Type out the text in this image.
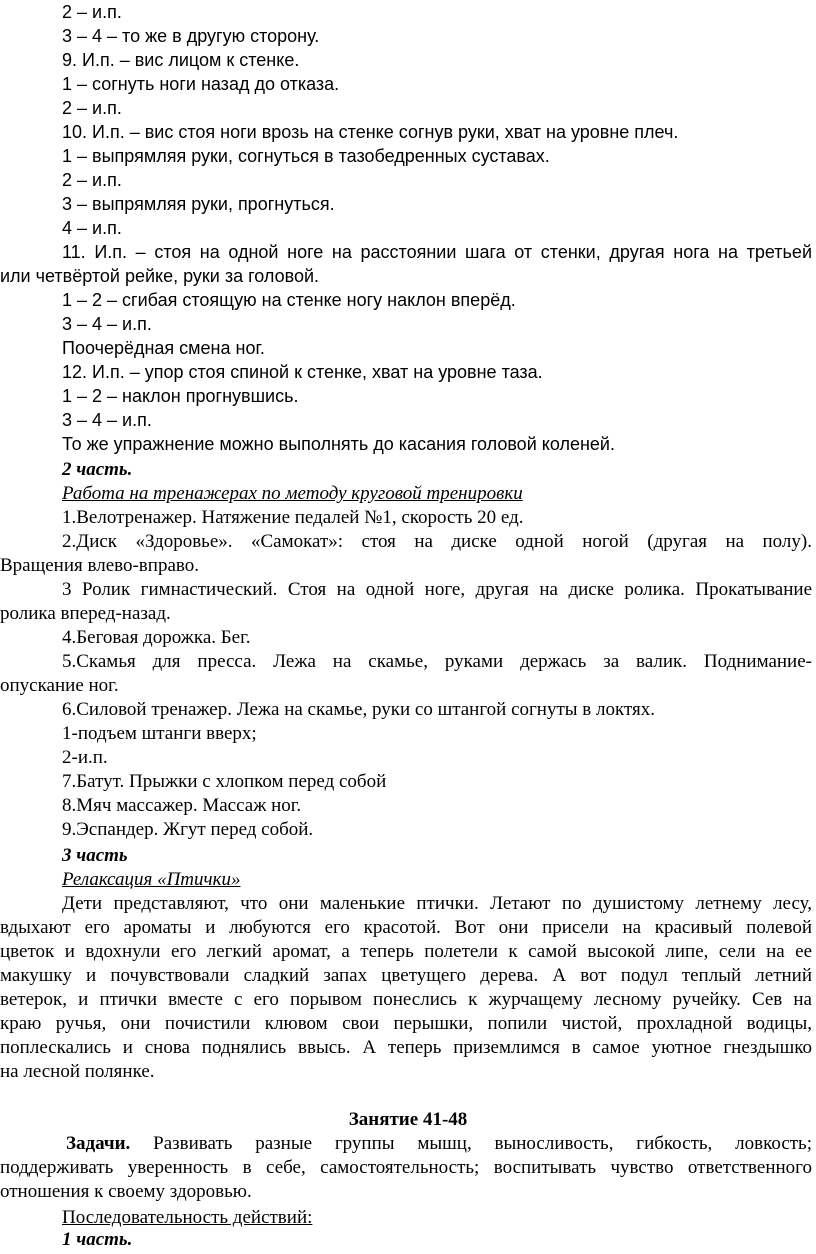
2 – и.п.
3 – 4 – то же в другую сторону.
9. И.п. – вис лицом к стенке.
1 – согнуть ноги назад до отказа.
2 – и.п.
10. И.п. – вис стоя ноги врозь на стенке согнув руки, хват на уровне плеч.
1 – выпрямляя руки, согнуться в тазобедренных суставах.
2 – и.п.
3 – выпрямляя руки, прогнуться.
4 – и.п.
11. И.п. – стоя на одной ноге на расстоянии шага от стенки, другая нога на третьей
или четвёртой рейке, руки за головой.
1 – 2 – сгибая стоящую на стенке ногу наклон вперёд.
3 – 4 – и.п.
Поочерёдная смена ног.
12. И.п. – упор стоя спиной к стенке, хват на уровне таза.
1 – 2 – наклон прогнувшись.
3 – 4 – и.п.
То же упражнение можно выполнять до касания головой коленей.
2 часть.
Работа на тренажерах по методу круговой тренировки
1.Велотренажер. Натяжение педалей №1, скорость 20 ед.
2.Диск «Здоровье». «Самокат»: стоя на диске одной ногой (другая на полу).
Вращения влево-вправо.
3 Ролик гимнастический. Стоя на одной ноге, другая на диске ролика. Прокатывание
ролика вперед-назад.
4.Беговая дорожка. Бег.
5.Скамья для пресса. Лежа на скамье, руками держась за валик. Поднимание-
опускание ног.
6.Силовой тренажер. Лежа на скамье, руки со штангой согнуты в локтях.
1-подъем штанги вверх;
2-и.п.
7.Батут. Прыжки с хлопком перед собой
8.Мяч массажер. Массаж ног.
9.Эспандер. Жгут перед собой.
3 часть
Релаксация «Птички»
Дети представляют, что они маленькие птички. Летают по душистому летнему лесу,
вдыхают его ароматы и любуются его красотой. Вот они присели на красивый полевой
цветок и вдохнули его легкий аромат, а теперь полетели к самой высокой липе, сели на ее
макушку и почувствовали сладкий запах цветущего дерева. А вот подул теплый летний
ветерок, и птички вместе с его порывом понеслись к журчащему лесному ручейку. Сев на
краю ручья, они почистили клювом свои перышки, попили чистой, прохладной водицы,
поплескались и снова поднялись ввысь. А теперь приземлимся в самое уютное гнездышко
на лесной полянке.
Занятие 41-48
Задачи. Развивать разные группы мышц, выносливость, гибкость, ловкость;
поддерживать уверенность в себе, самостоятельность; воспитывать чувство ответственного
отношения к своему здоровью.
Последовательность действий:
1 часть.
